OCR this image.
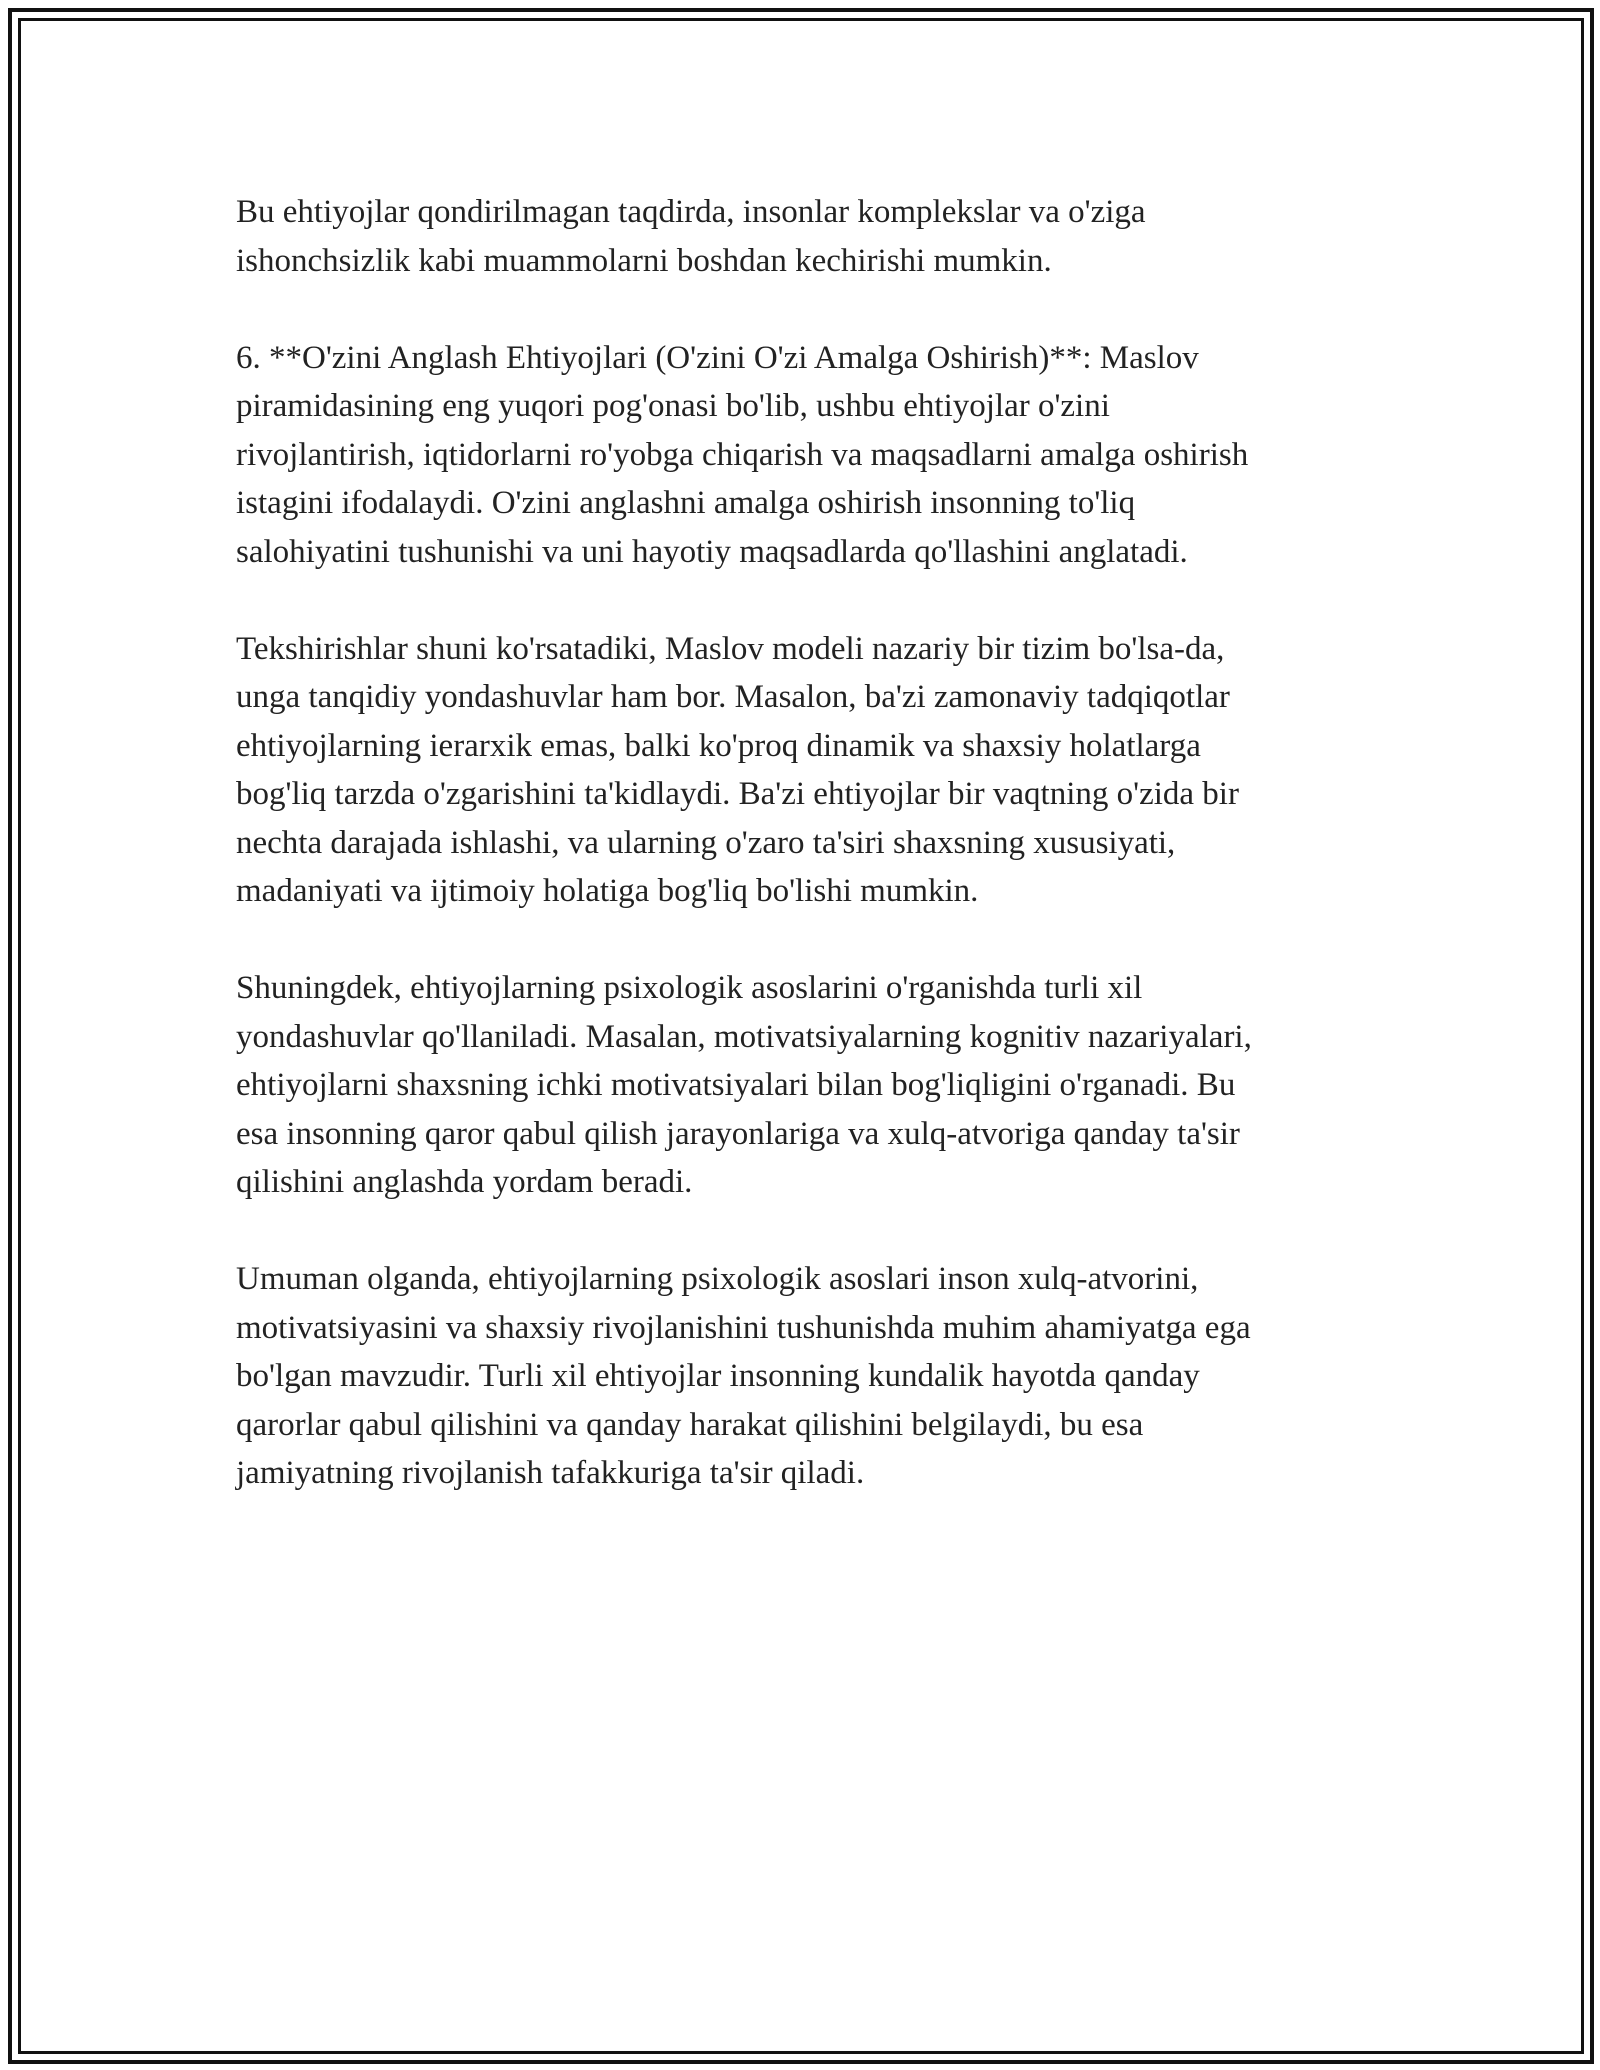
Bu ehtiyojlar qondirilmagan taqdirda, insonlar komplekslar va o'ziga
ishonchsizlik kabi muammolarni boshdan kechirishi mumkin.

6. **O'zini Anglash Ehtiyojlari (O'zini O'zi Amalga Oshirish)**: Maslov
piramidasining eng yuqori pog'onasi bo'lib, ushbu ehtiyojlar o'zini
rivojlantirish, iqtidorlarni ro'yobga chiqarish va maqsadlarni amalga oshirish
istagini ifodalaydi. O'zini anglashni amalga oshirish insonning to'liq
salohiyatini tushunishi va uni hayotiy maqsadlarda qo'llashini anglatadi.

Tekshirishlar shuni ko'rsatadiki, Maslov modeli nazariy bir tizim bo'lsa-da,
unga tanqidiy yondashuvlar ham bor. Masalon, ba'zi zamonaviy tadqiqotlar
ehtiyojlarning ierarxik emas, balki ko'proq dinamik va shaxsiy holatlarga
bog'liq tarzda o'zgarishini ta'kidlaydi. Ba'zi ehtiyojlar bir vaqtning o'zida bir
nechta darajada ishlashi, va ularning o'zaro ta'siri shaxsning xususiyati,
madaniyati va ijtimoiy holatiga bog'liq bo'lishi mumkin.

Shuningdek, ehtiyojlarning psixologik asoslarini o'rganishda turli xil
yondashuvlar qo'llaniladi. Masalan, motivatsiyalarning kognitiv nazariyalari,
ehtiyojlarni shaxsning ichki motivatsiyalari bilan bog'liqligini o'rganadi. Bu
esa insonning qaror qabul qilish jarayonlariga va xulq-atvoriga qanday ta'sir
qilishini anglashda yordam beradi.

Umuman olganda, ehtiyojlarning psixologik asoslari inson xulq-atvorini,
motivatsiyasini va shaxsiy rivojlanishini tushunishda muhim ahamiyatga ega
bo'lgan mavzudir. Turli xil ehtiyojlar insonning kundalik hayotda qanday
qarorlar qabul qilishini va qanday harakat qilishini belgilaydi, bu esa
jamiyatning rivojlanish tafakkuriga ta'sir qiladi.
